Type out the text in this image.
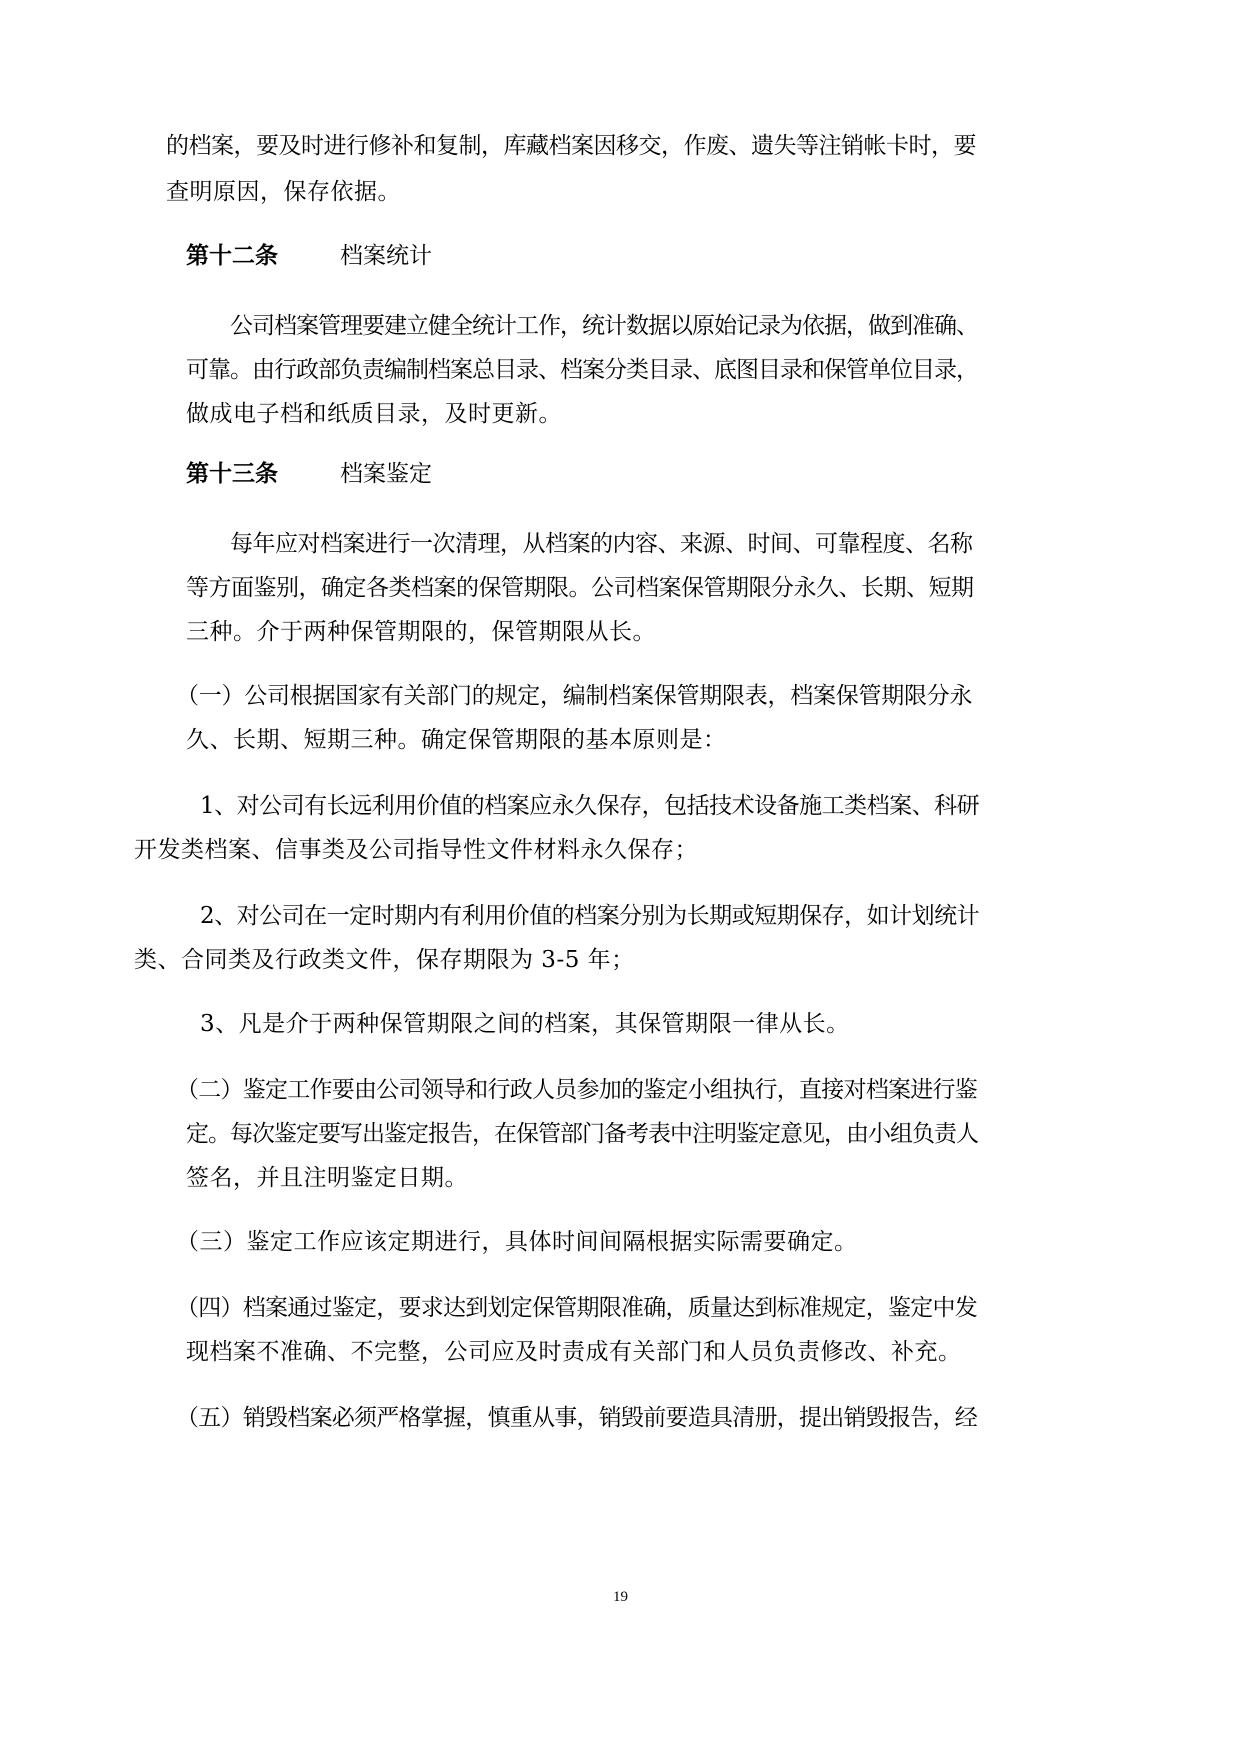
的档案，要及时进行修补和复制，库藏档案因移交，作废、遗失等注销帐卡时，要
查明原因，保存依据。
第十二条	档案统计
公司档案管理要建立健全统计工作，统计数据以原始记录为依据，做到准确、
可靠。由行政部负责编制档案总目录、档案分类目录、底图目录和保管单位目录，
做成电子档和纸质目录，及时更新。
第十三条	档案鉴定
每年应对档案进行一次清理，从档案的内容、来源、时间、可靠程度、名称
等方面鉴别，确定各类档案的保管期限。公司档案保管期限分永久、长期、短期
三种。介于两种保管期限的，保管期限从长。
（一）公司根据国家有关部门的规定，编制档案保管期限表，档案保管期限分永
久、长期、短期三种。确定保管期限的基本原则是：
1、对公司有长远利用价值的档案应永久保存，包括技术设备施工类档案、科研
开发类档案、信事类及公司指导性文件材料永久保存；
2、对公司在一定时期内有利用价值的档案分别为长期或短期保存，如计划统计
类、合同类及行政类文件，保存期限为 3-5 年；
3、凡是介于两种保管期限之间的档案，其保管期限一律从长。
（二）鉴定工作要由公司领导和行政人员参加的鉴定小组执行，直接对档案进行鉴
定。每次鉴定要写出鉴定报告，在保管部门备考表中注明鉴定意见，由小组负责人
签名，并且注明鉴定日期。
（三）鉴定工作应该定期进行，具体时间间隔根据实际需要确定。
（四）档案通过鉴定，要求达到划定保管期限准确，质量达到标准规定，鉴定中发
现档案不准确、不完整，公司应及时责成有关部门和人员负责修改、补充。
（五）销毁档案必须严格掌握，慎重从事，销毁前要造具清册，提出销毁报告，经
19
